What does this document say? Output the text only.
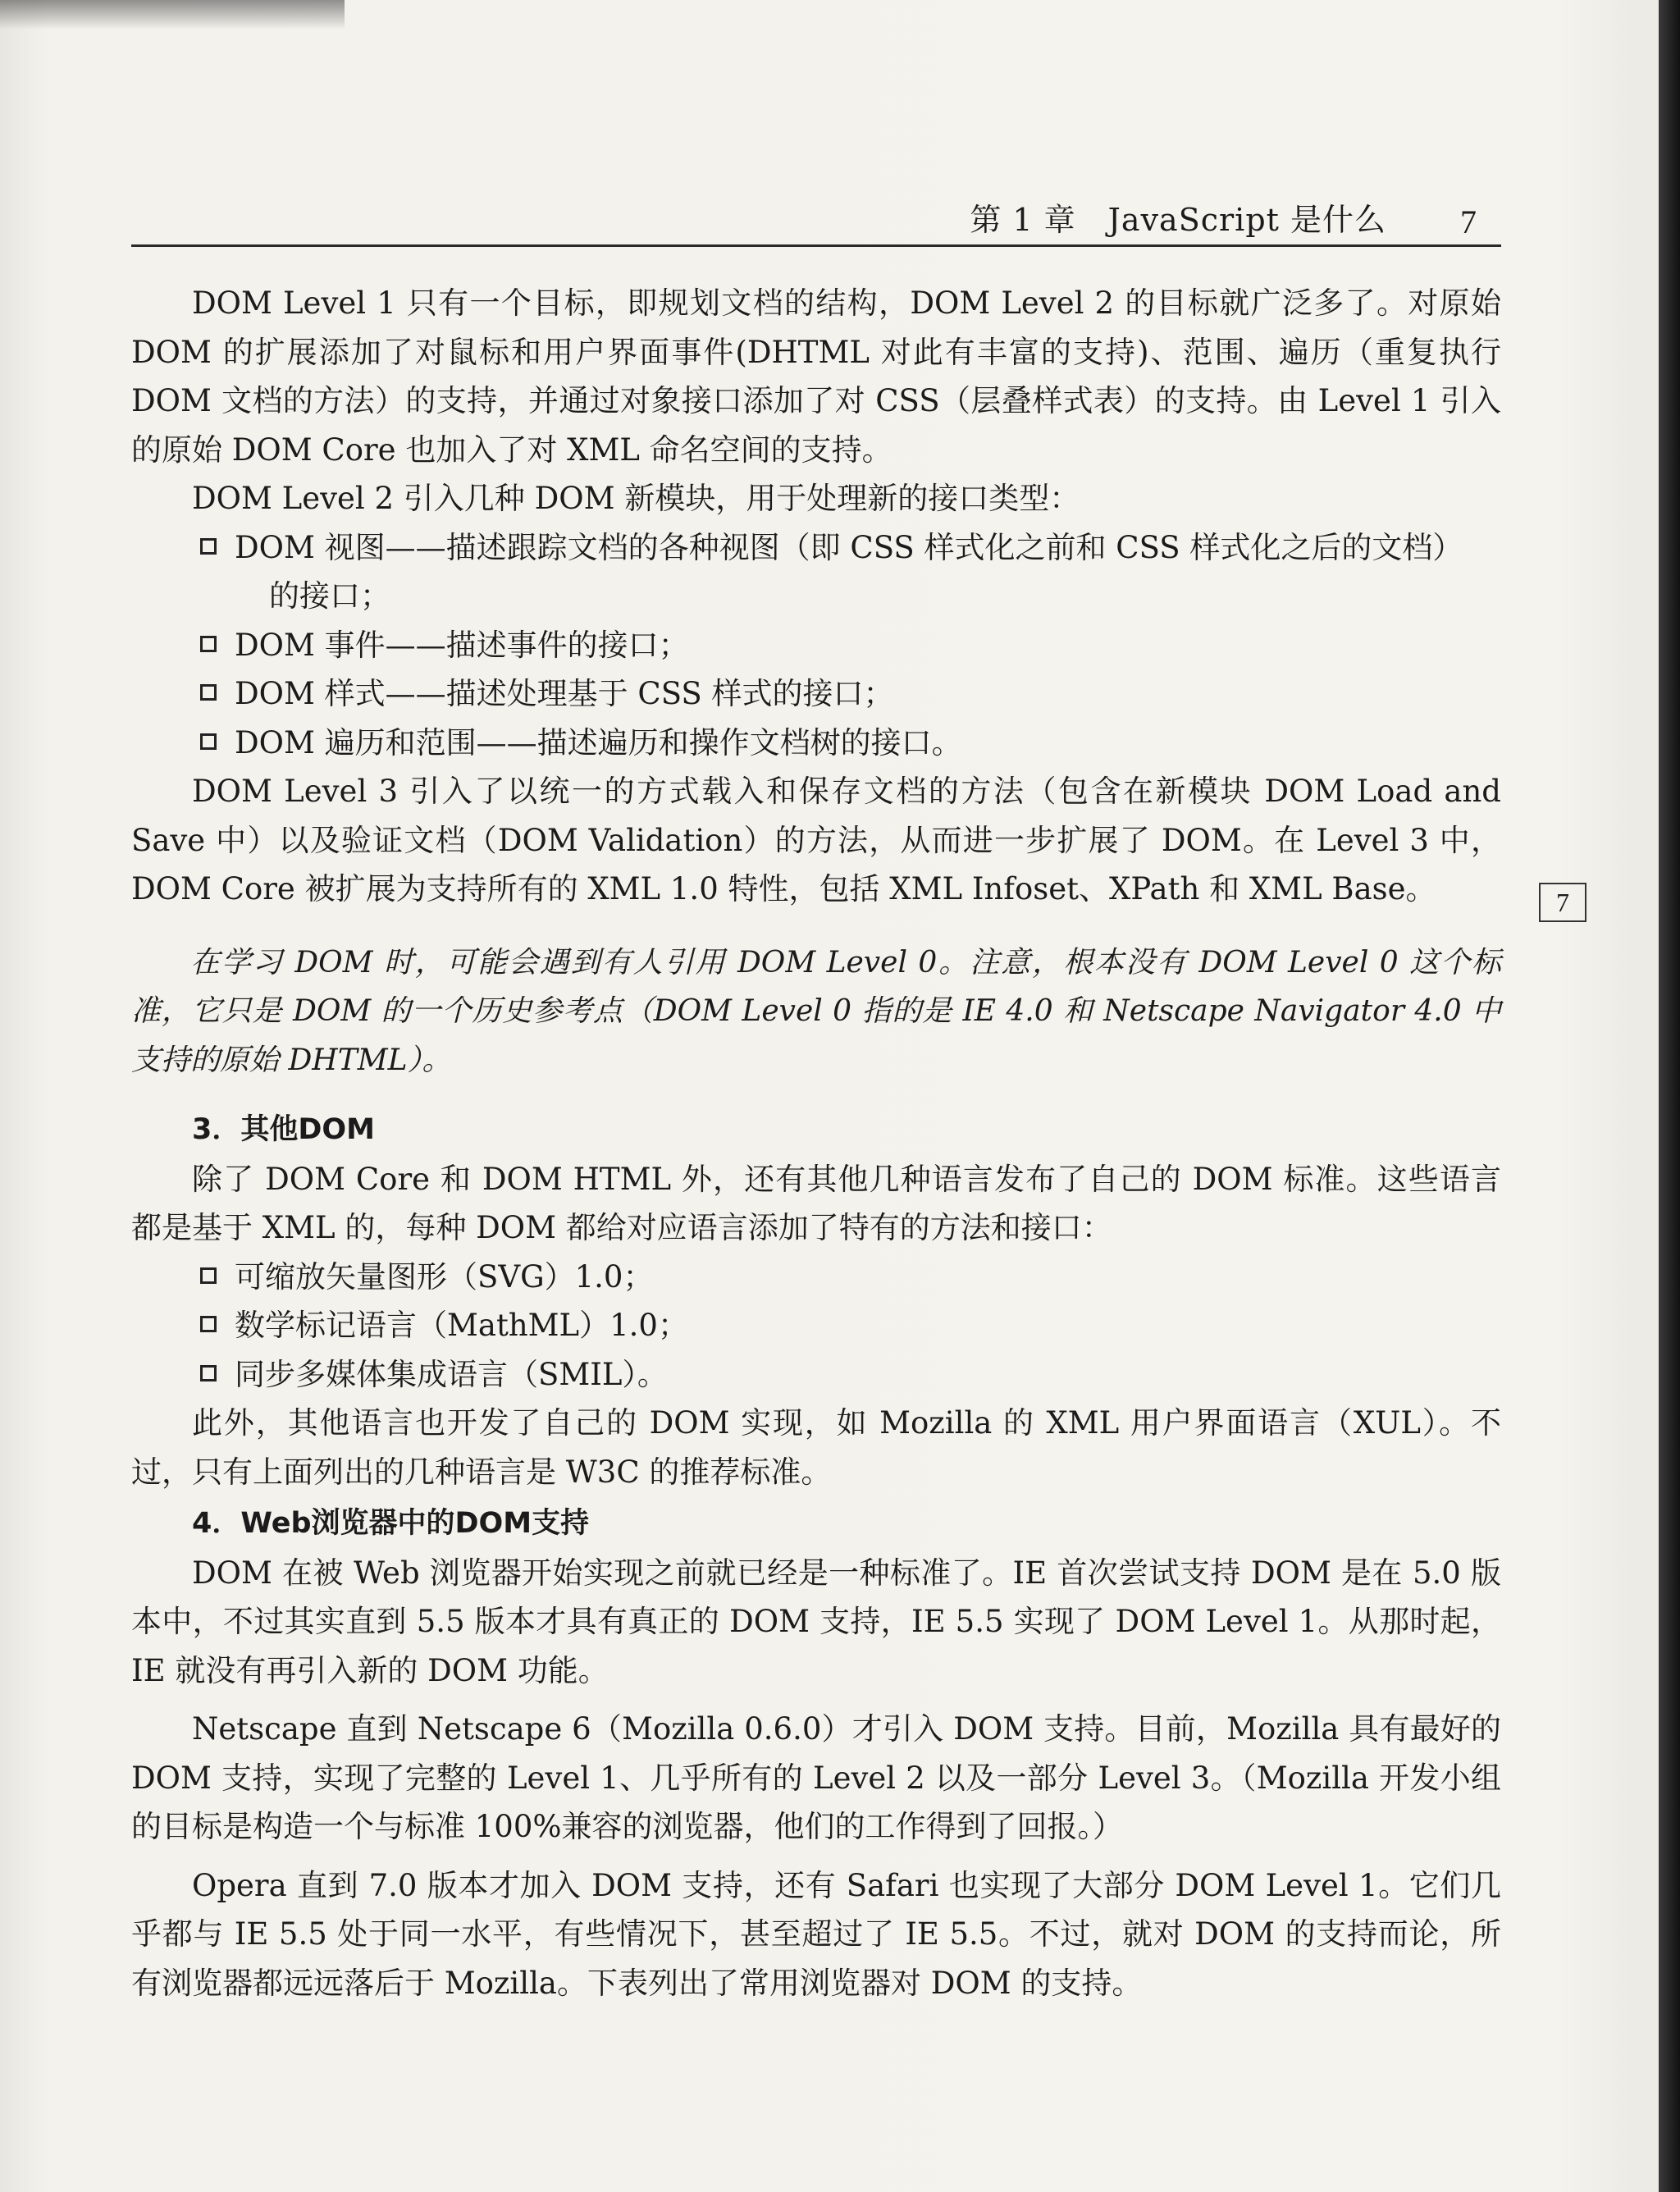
第 1 章　JavaScript 是什么 7
7

DOM Level 1 只有一个目标，即规划文档的结构，DOM Level 2 的目标就广泛多了。对原始 DOM 的扩展添加了对鼠标和用户界面事件(DHTML 对此有丰富的支持)、范围、遍历（重复执行 DOM 文档的方法）的支持，并通过对象接口添加了对 CSS（层叠样式表）的支持。由 Level 1 引入的原始 DOM Core 也加入了对 XML 命名空间的支持。

DOM Level 2 引入几种 DOM 新模块，用于处理新的接口类型：

DOM 视图——描述跟踪文档的各种视图（即 CSS 样式化之前和 CSS 样式化之后的文档）
的接口；
DOM 事件——描述事件的接口；
DOM 样式——描述处理基于 CSS 样式的接口；
DOM 遍历和范围——描述遍历和操作文档树的接口。

DOM Level 3 引入了以统一的方式载入和保存文档的方法（包含在新模块 DOM Load and Save 中）以及验证文档（DOM Validation）的方法，从而进一步扩展了 DOM。在 Level 3 中，DOM Core 被扩展为支持所有的 XML 1.0 特性，包括 XML Infoset、XPath 和 XML Base。

在学习 DOM 时，可能会遇到有人引用 DOM Level 0。注意，根本没有 DOM Level 0 这个标准，它只是 DOM 的一个历史参考点（DOM Level 0 指的是 IE 4.0 和 Netscape Navigator 4.0 中支持的原始 DHTML）。

3．其他DOM

除了 DOM Core 和 DOM HTML 外，还有其他几种语言发布了自己的 DOM 标准。这些语言都是基于 XML 的，每种 DOM 都给对应语言添加了特有的方法和接口：

可缩放矢量图形（SVG）1.0；
数学标记语言（MathML）1.0；
同步多媒体集成语言（SMIL）。

此外，其他语言也开发了自己的 DOM 实现，如 Mozilla 的 XML 用户界面语言（XUL）。不过，只有上面列出的几种语言是 W3C 的推荐标准。

4．Web浏览器中的DOM支持

DOM 在被 Web 浏览器开始实现之前就已经是一种标准了。IE 首次尝试支持 DOM 是在 5.0 版本中，不过其实直到 5.5 版本才具有真正的 DOM 支持，IE 5.5 实现了 DOM Level 1。从那时起，IE 就没有再引入新的 DOM 功能。

Netscape 直到 Netscape 6（Mozilla 0.6.0）才引入 DOM 支持。目前，Mozilla 具有最好的 DOM 支持，实现了完整的 Level 1、几乎所有的 Level 2 以及一部分 Level 3。（Mozilla 开发小组的目标是构造一个与标准 100%兼容的浏览器，他们的工作得到了回报。）

Opera 直到 7.0 版本才加入 DOM 支持，还有 Safari 也实现了大部分 DOM Level 1。它们几乎都与 IE 5.5 处于同一水平，有些情况下，甚至超过了 IE 5.5。不过，就对 DOM 的支持而论，所有浏览器都远远落后于 Mozilla。下表列出了常用浏览器对 DOM 的支持。
